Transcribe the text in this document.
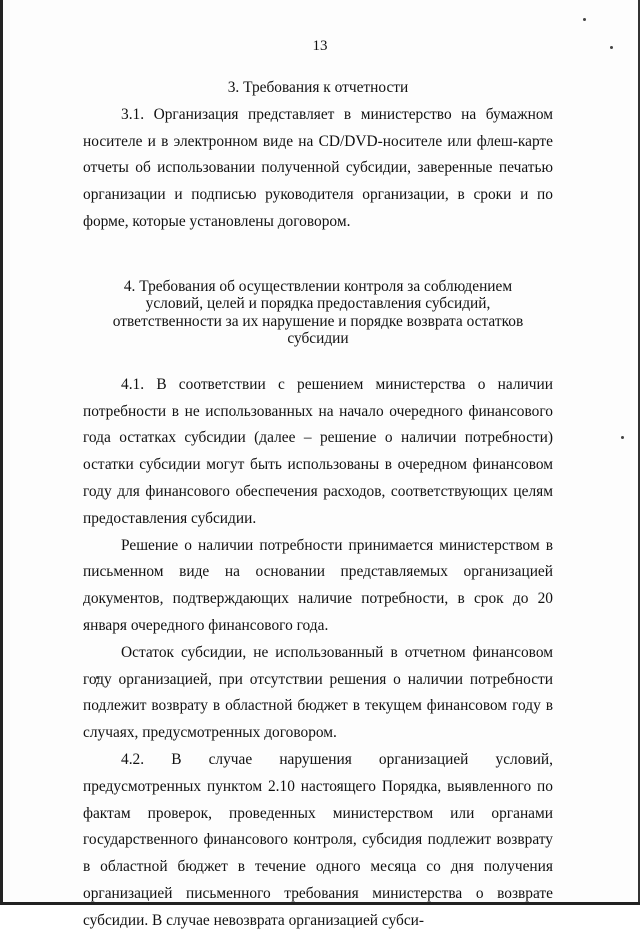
13

3. Требования к отчетности

3.1. Организация представляет в министерство на бумажном носителе и в электронном виде на CD/DVD-носителе или флеш-карте отчеты об использовании полученной субсидии, заверенные печатью организации и подписью руководителя организации, в сроки и по форме, которые установлены договором.

4. Требования об осуществлении контроля за соблюдением
условий, целей и порядка предоставления субсидий,
ответственности за их нарушение и порядке возврата остатков субсидии

4.1. В соответствии с решением министерства о наличии потребности в не использованных на начало очередного финансового года остатках субсидии (далее – решение о наличии потребности) остатки субсидии могут быть использованы в очередном финансовом году для финансового обеспечения расходов, соответствующих целям предоставления субсидии.

Решение о наличии потребности принимается министерством в письменном виде на основании представляемых организацией документов, подтверждающих наличие потребности, в срок до 20 января очередного финансового года.

Остаток субсидии, не использованный в отчетном финансовом году организацией, при отсутствии решения о наличии потребности подлежит возврату в областной бюджет в текущем финансовом году в случаях, предусмотренных договором.

4.2. В случае нарушения организацией условий, предусмотренных пунктом 2.10 настоящего Порядка, выявленного по фактам проверок, проведенных министерством или органами государственного финансового контроля, субсидия подлежит возврату в областной бюджет в течение одного месяца со дня получения организацией письменного требования министерства о возврате субсидии. В случае невозврата организацией субси-
